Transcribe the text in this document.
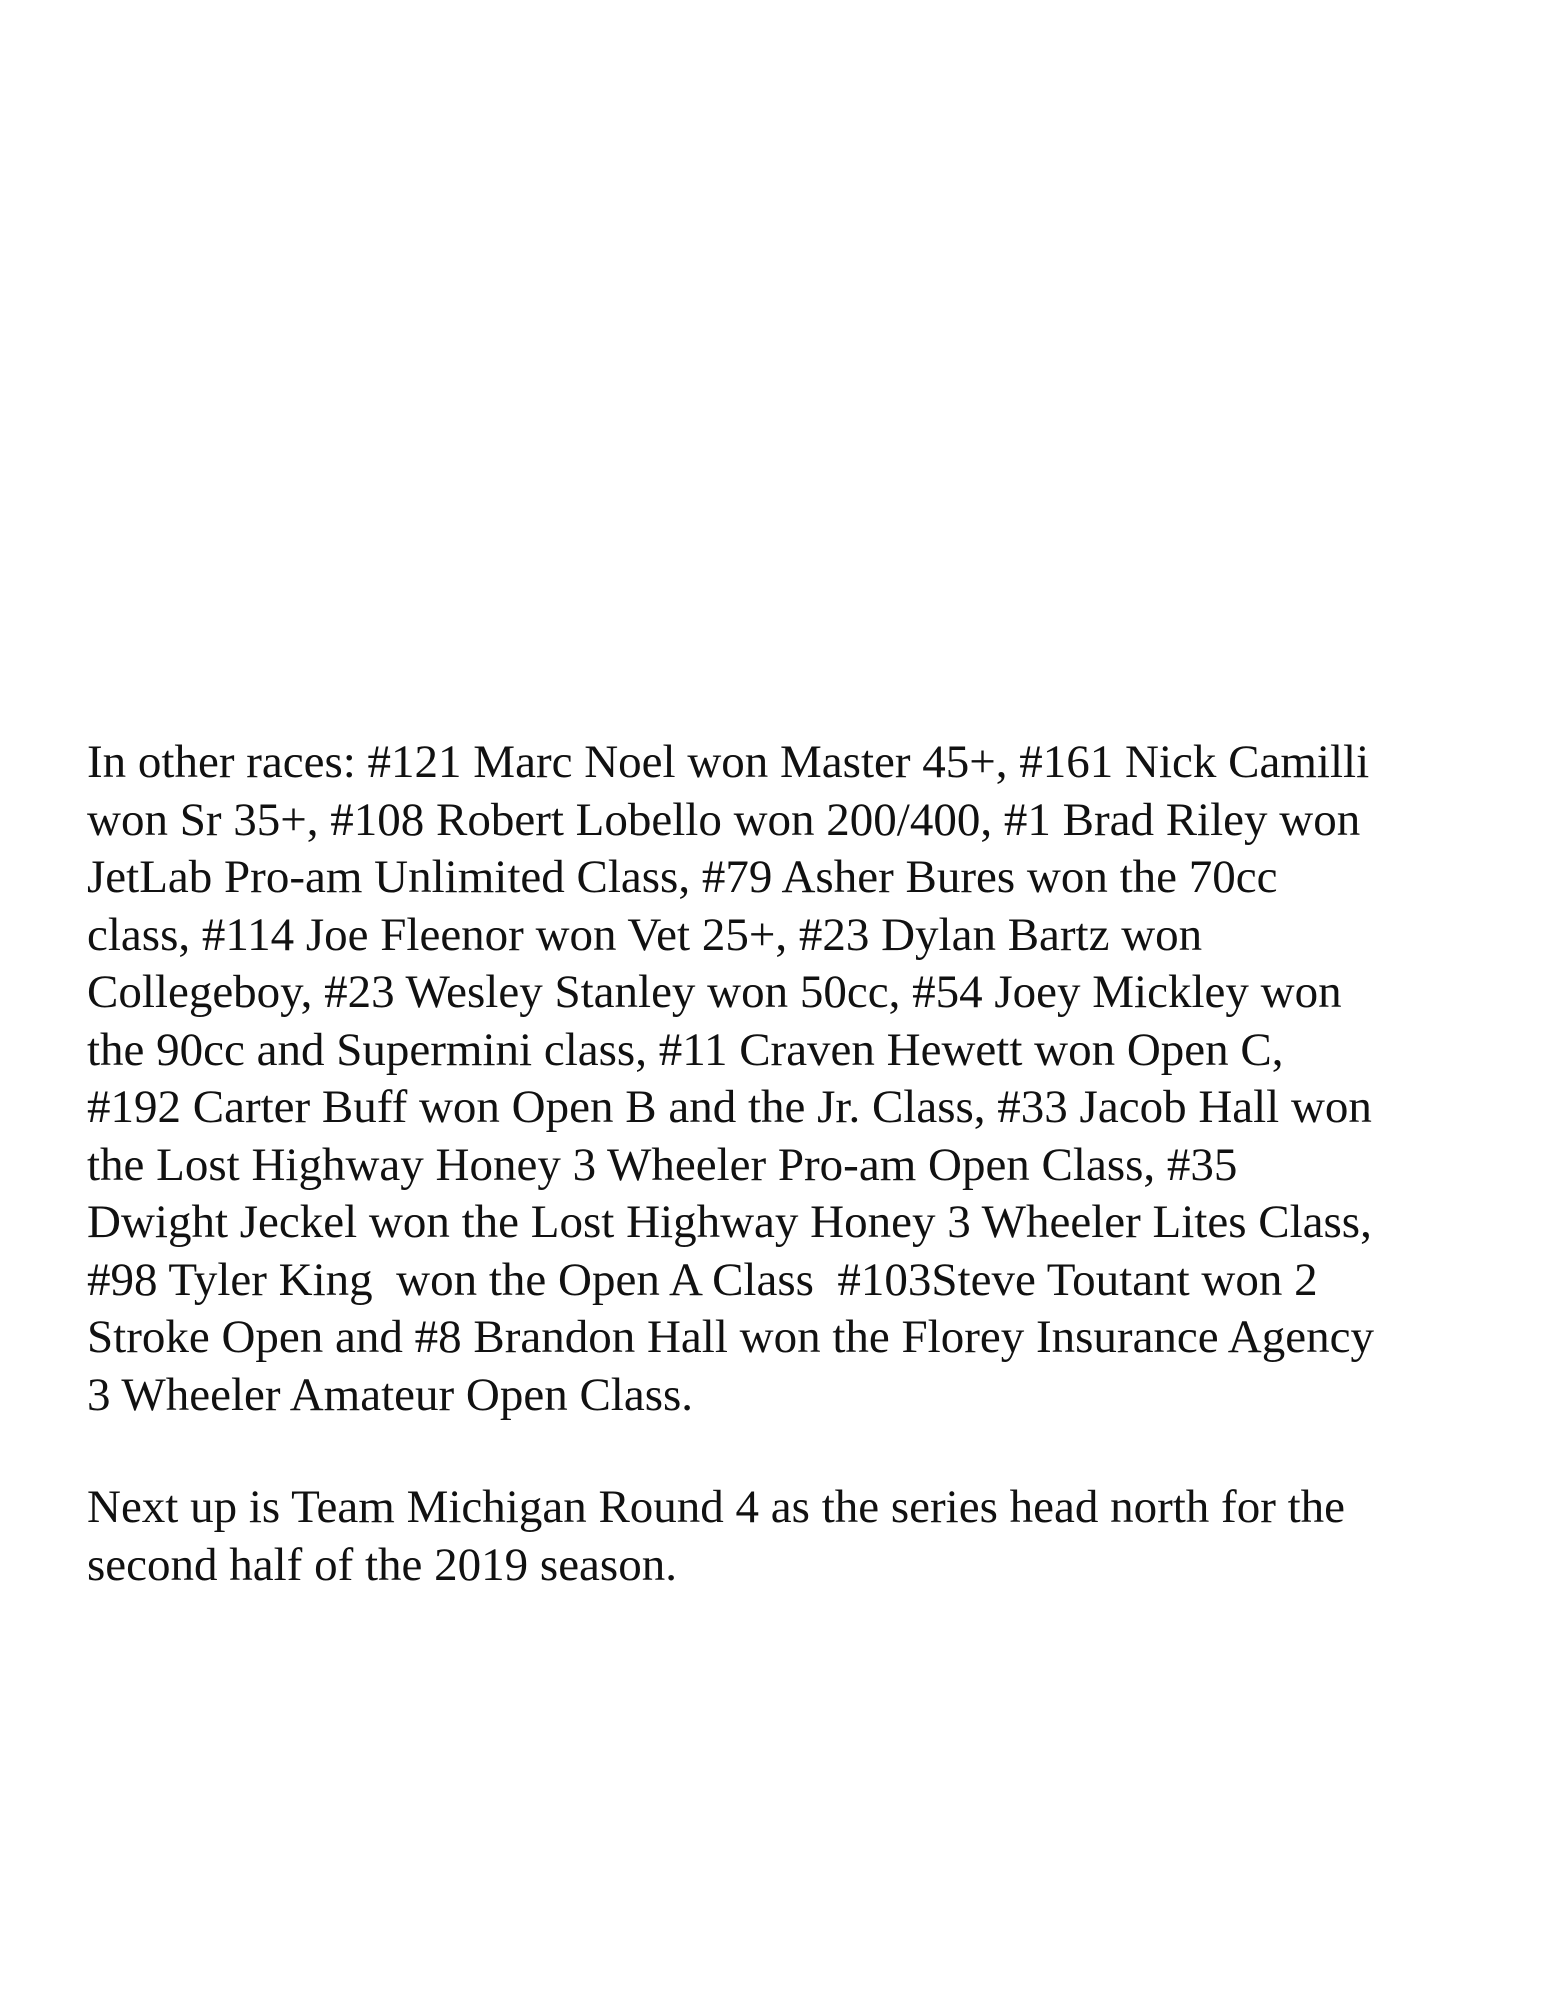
In other races: #121 Marc Noel won Master 45+, #161 Nick Camilli
won Sr 35+, #108 Robert Lobello won 200/400, #1 Brad Riley won
JetLab Pro-am Unlimited Class, #79 Asher Bures won the 70cc
class, #114 Joe Fleenor won Vet 25+, #23 Dylan Bartz won
Collegeboy, #23 Wesley Stanley won 50cc, #54 Joey Mickley won
the 90cc and Supermini class, #11 Craven Hewett won Open C,
#192 Carter Buff won Open B and the Jr. Class, #33 Jacob Hall won
the Lost Highway Honey 3 Wheeler Pro-am Open Class, #35
Dwight Jeckel won the Lost Highway Honey 3 Wheeler Lites Class,
#98 Tyler King  won the Open A Class  #103Steve Toutant won 2
Stroke Open and #8 Brandon Hall won the Florey Insurance Agency
3 Wheeler Amateur Open Class.

Next up is Team Michigan Round 4 as the series head north for the
second half of the 2019 season.
